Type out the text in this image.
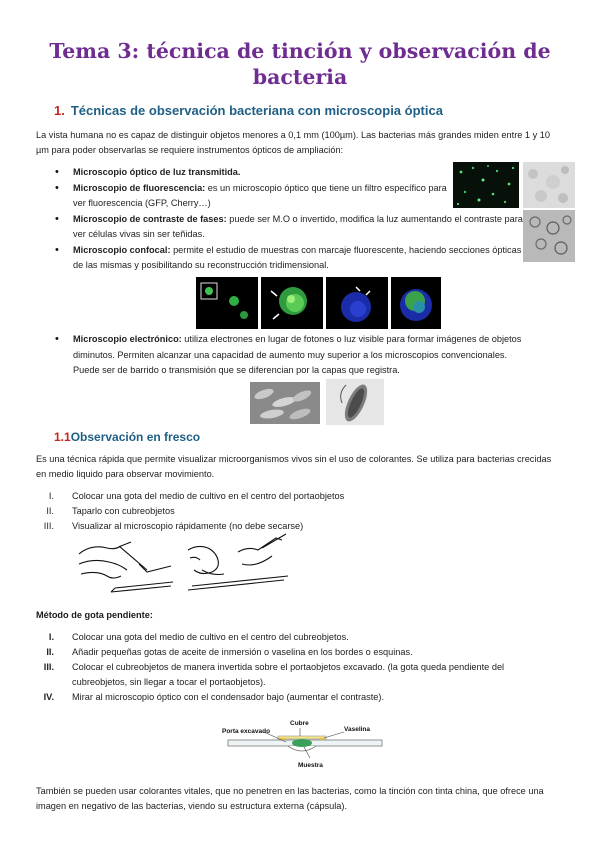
Tema 3: técnica de tinción y observación de bacteria
1. Técnicas de observación bacteriana con microscopia óptica

La vista humana no es capaz de distinguir objetos menores a 0,1 mm (100µm). Las bacterias más grandes miden entre 1 y 10 µm para poder observarlas se requiere instrumentos ópticos de ampliación:

• Microscopio óptico de luz transmitida.
• Microscopio de fluorescencia: es un microscopio óptico que tiene un filtro específico para ver fluorescencia (GFP, Cherry…)
• Microscopio de contraste de fases: puede ser M.O o invertido, modifica la luz aumentando el contraste para ver células vivas sin ser teñidas.
• Microscopio confocal: permite el estudio de muestras con marcaje fluorescente, haciendo secciones ópticas de las mismas y posibilitando su reconstrucción tridimensional.
• Microscopio electrónico: utiliza electrones en lugar de fotones o luz visible para formar imágenes de objetos diminutos. Permiten alcanzar una capacidad de aumento muy superior a los microscopios convencionales. Puede ser de barrido o transmisión que se diferencian por la capas que registra.
1.1Observación en fresco

Es una técnica rápida que permite visualizar microorganismos vivos sin el uso de colorantes. Se utiliza para bacterias crecidas en medio liquido para observar movimiento.

I. Colocar una gota del medio de cultivo en el centro del portaobjetos
II. Taparlo con cubreobjetos
III. Visualizar al microscopio rápidamente (no debe secarse)

Método de gota pendiente:

I. Colocar una gota del medio de cultivo en el centro del cubreobjetos.
II. Añadir pequeñas gotas de aceite de inmersión o vaselina en los bordes o esquinas.
III. Colocar el cubreobjetos de manera invertida sobre el portaobjetos excavado. (la gota queda pendiente del cubreobjetos, sin llegar a tocar el portaobjetos).
IV. Mirar al microscopio óptico con el condensador bajo (aumentar el contraste).
Cubre
Porta excavado	Vaselina
Muestra

También se pueden usar colorantes vitales, que no penetren en las bacterias, como la tinción con tinta china, que ofrece una imagen en negativo de las bacterias, viendo su estructura externa (cápsula).
